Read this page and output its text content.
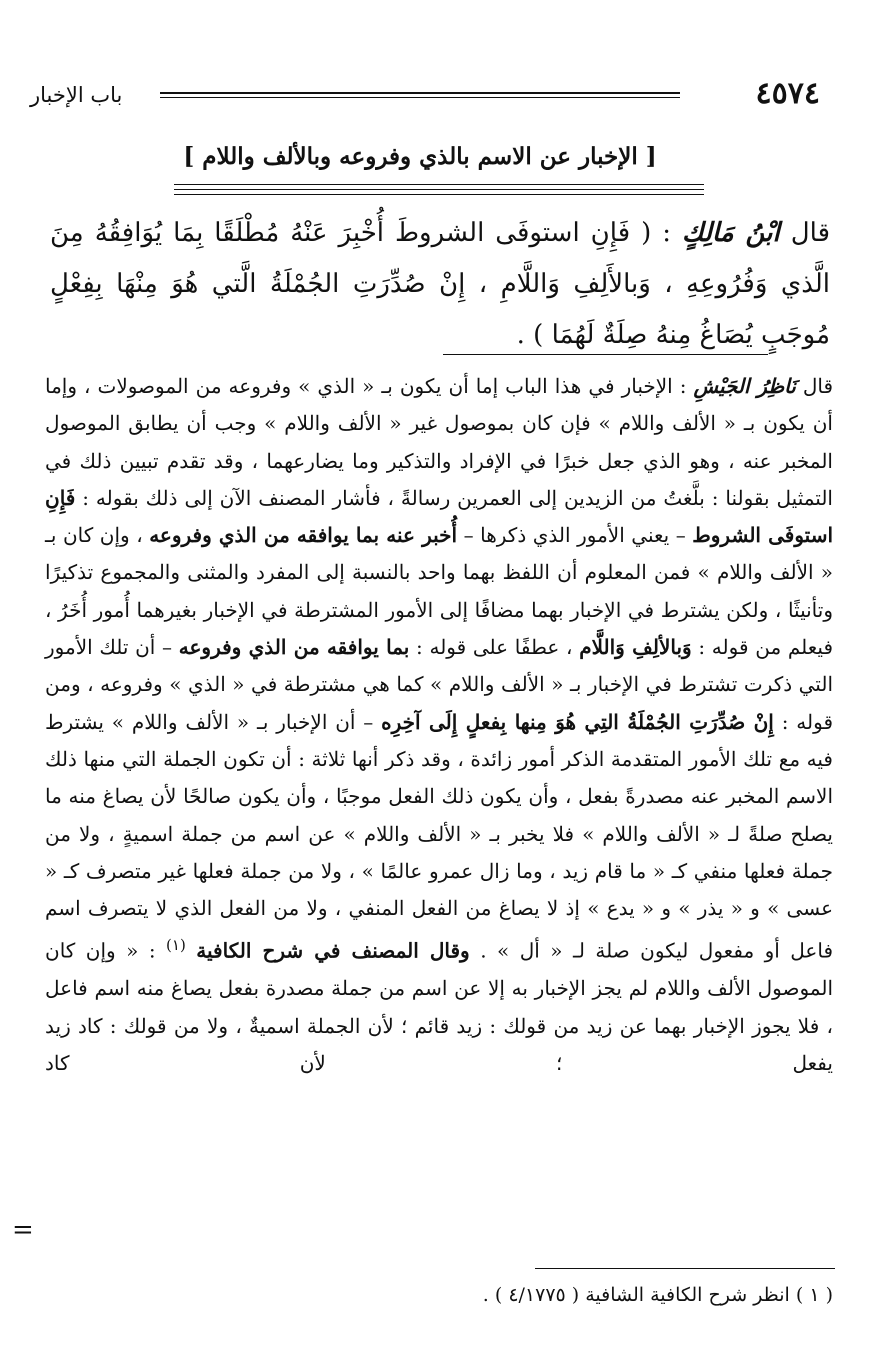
٤٥٧٤
باب الإخبار
[ الإخبار عن الاسم بالذي وفروعه وبالألف واللام ]

قال ابْنُ مَالِكٍ : ( فَإِنِ استوفَى الشروطَ أُخْبِرَ عَنْهُ مُطْلَقًا بِمَا يُوَافِقُهُ مِنَ الَّذي وَفُرُوعِهِ ، وَبالأَلِفِ وَاللَّامِ ، إِنْ صُدِّرَتِ الجُمْلَةُ الَّتي هُوَ مِنْهَا بِفِعْلٍ مُوجَبٍ يُصَاغُ مِنهُ صِلَةٌ لَهُمَا ) .

قال نَاظِرُ الجَيْشِ : الإخبار في هذا الباب إما أن يكون بـ « الذي » وفروعه من الموصولات ، وإما أن يكون بـ « الألف واللام » فإن كان بموصول غير « الألف واللام » وجب أن يطابق الموصول المخبر عنه ، وهو الذي جعل خبرًا في الإفراد والتذكير وما يضارعهما ، وقد تقدم تبيين ذلك في التمثيل بقولنا : بلَّغتُ من الزيدين إلى العمرين رسالةً ، فأشار المصنف الآن إلى ذلك بقوله : فَإِنِ استوفَى الشروط – يعني الأمور الذي ذكرها – أُخبر عنه بما يوافقه من الذي وفروعه ، وإن كان بـ « الألف واللام » فمن المعلوم أن اللفظ بهما واحد بالنسبة إلى المفرد والمثنى والمجموع تذكيرًا وتأنيثًا ، ولكن يشترط في الإخبار بهما مضافًا إلى الأمور المشترطة في الإخبار بغيرهما أُمور أُخَرُ ، فيعلم من قوله : وَبالألِفِ وَاللَّام ، عطفًا على قوله : بما يوافقه من الذي وفروعه – أن تلك الأمور التي ذكرت تشترط في الإخبار بـ « الألف واللام » كما هي مشترطة في « الذي » وفروعه ، ومن قوله : إِنْ صُدِّرَتِ الجُمْلَةُ التِي هُوَ مِنها بِفعلٍ إِلَى آخِرِه – أن الإخبار بـ « الألف واللام » يشترط فيه مع تلك الأمور المتقدمة الذكر أمور زائدة ، وقد ذكر أنها ثلاثة : أن تكون الجملة التي منها ذلك الاسم المخبر عنه مصدرةً بفعل ، وأن يكون ذلك الفعل موجبًا ، وأن يكون صالحًا لأن يصاغ منه ما يصلح صلةً لـ « الألف واللام » فلا يخبر بـ « الألف واللام » عن اسم من جملة اسميةٍ ، ولا من جملة فعلها منفي كـ « ما قام زيد ، وما زال عمرو عالمًا » ، ولا من جملة فعلها غير متصرف كـ « عسى » و « يذر » و « يدع » إذ لا يصاغ من الفعل المنفي ، ولا من الفعل الذي لا يتصرف اسم فاعل أو مفعول ليكون صلة لـ « أل » . وقال المصنف في شرح الكافية $^{(١)}$ : « وإن كان الموصول الألف واللام لم يجز الإخبار به إلا عن اسم من جملة مصدرة بفعل يصاغ منه اسم فاعل ، فلا يجوز الإخبار بهما عن زيد من قولك : زيد قائم ؛ لأن الجملة اسميةٌ ، ولا من قولك : كاد زيد يفعل ؛ لأن كاد

=

( ١ ) انظر شرح الكافية الشافية ( ٤/١٧٧٥ ) .
